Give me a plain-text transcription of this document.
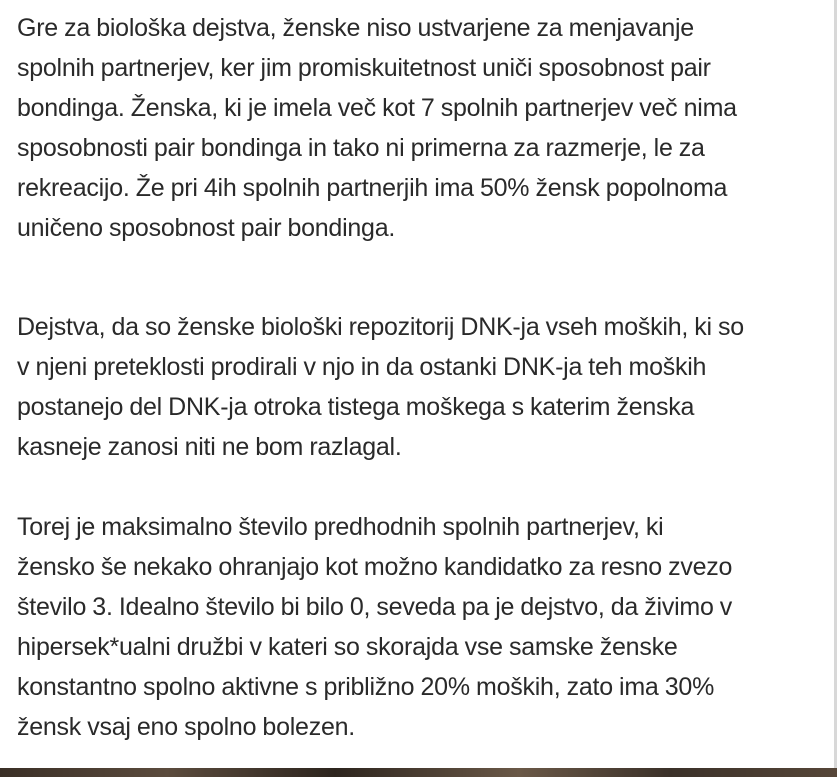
Gre za biološka dejstva, ženske niso ustvarjene za menjavanje
spolnih partnerjev, ker jim promiskuitetnost uniči sposobnost pair
bondinga. Ženska, ki je imela več kot 7 spolnih partnerjev več nima
sposobnosti pair bondinga in tako ni primerna za razmerje, le za
rekreacijo. Že pri 4ih spolnih partnerjih ima 50% žensk popolnoma
uničeno sposobnost pair bondinga.

Dejstva, da so ženske biološki repozitorij DNK-ja vseh moških, ki so
v njeni preteklosti prodirali v njo in da ostanki DNK-ja teh moških
postanejo del DNK-ja otroka tistega moškega s katerim ženska
kasneje zanosi niti ne bom razlagal.

Torej je maksimalno število predhodnih spolnih partnerjev, ki
žensko še nekako ohranjajo kot možno kandidatko za resno zvezo
število 3. Idealno število bi bilo 0, seveda pa je dejstvo, da živimo v
hipersek*ualni družbi v kateri so skorajda vse samske ženske
konstantno spolno aktivne s približno 20% moških, zato ima 30%
žensk vsaj eno spolno bolezen.
